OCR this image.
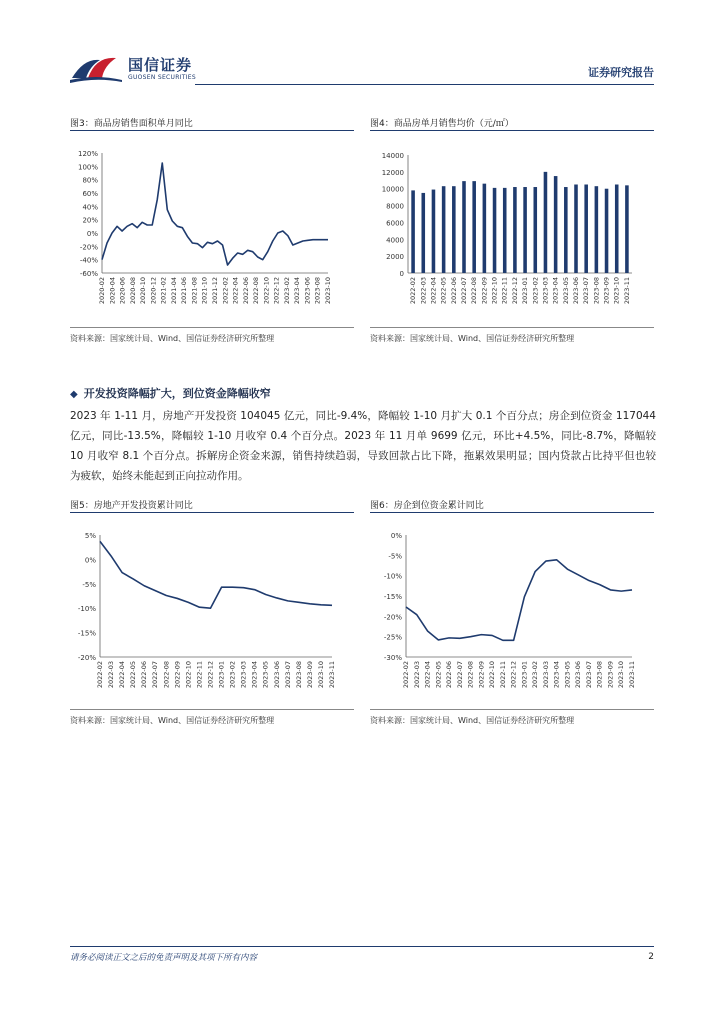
国信证券
GUOSEN SECURITIES	证券研究报告
图3：商品房销售面积单月同比
120%
100%
80%
60%
40%
20%
0%
-20%
-40%
-60%
2020-02 2020-04 2020-06 2020-08 2020-10 2020-12 2021-02 2021-04 2021-06 2021-08 2021-10 2021-12 2022-02 2022-04 2022-06 2022-08 2022-10 2022-12 2023-02 2023-04 2023-06 2023-08 2023-10
资料来源：国家统计局、Wind、国信证券经济研究所整理
图4：商品房单月销售均价（元/㎡）
14000
12000
10000
8000
6000
4000
2000
0
2022-02 2022-03 2022-04 2022-05 2022-06 2022-07 2022-08 2022-09 2022-10 2022-11 2022-12 2023-01 2023-02 2023-03 2023-04 2023-05 2023-06 2023-07 2023-08 2023-09 2023-10 2023-11
资料来源：国家统计局、Wind、国信证券经济研究所整理
◆ 开发投资降幅扩大，到位资金降幅收窄
2023 年 1-11 月，房地产开发投资 104045 亿元，同比-9.4%，降幅较 1-10 月扩大 0.1 个百分点；房企到位资金 117044 亿元，同比-13.5%，降幅较 1-10 月收窄 0.4 个百分点。2023 年 11 月单 9699 亿元，环比+4.5%，同比-8.7%，降幅较 10 月收窄 8.1 个百分点。拆解房企资金来源，销售持续趋弱，导致回款占比下降，拖累效果明显；国内贷款占比持平但也较为疲软，始终未能起到正向拉动作用。
图5：房地产开发投资累计同比
5%
0%
-5%
-10%
-15%
-20%
2022-02 2022-03 2022-04 2022-05 2022-06 2022-07 2022-08 2022-09 2022-10 2022-11 2022-12 2023-01 2023-02 2023-03 2023-04 2023-05 2023-06 2023-07 2023-08 2023-09 2023-10 2023-11
资料来源：国家统计局、Wind、国信证券经济研究所整理
图6：房企到位资金累计同比
0%
-5%
-10%
-15%
-20%
-25%
-30%
2022-02 2022-03 2022-04 2022-05 2022-06 2022-07 2022-08 2022-09 2022-10 2022-11 2022-12 2023-01 2023-02 2023-03 2023-04 2023-05 2023-06 2023-07 2023-08 2023-09 2023-10 2023-11
资料来源：国家统计局、Wind、国信证券经济研究所整理
请务必阅读正文之后的免责声明及其项下所有内容	2
